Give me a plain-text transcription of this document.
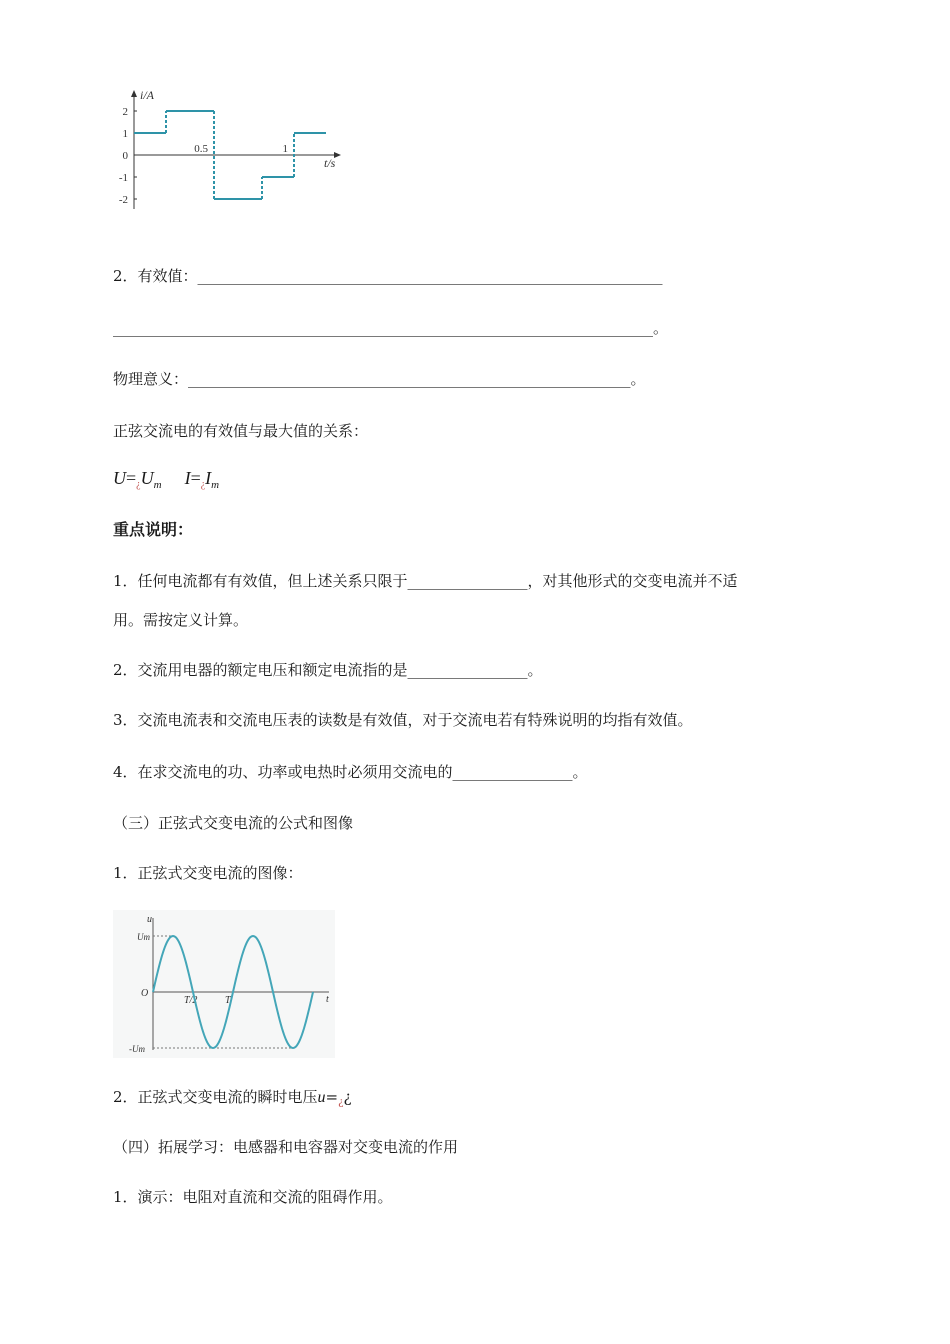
i/A
t/s
2
1
0
-1
-2
0.5	1
2．有效值：______________________________________________________________
________________________________________________________________________。
物理意义：___________________________________________________________。
正弦交流电的有效值与最大值的关系：
$U=¿U_m$ $I=¿I_m$
重点说明：
1．任何电流都有有效值，但上述关系只限于________________，对其他形式的交变电流并不适
用。需按定义计算。
2．交流用电器的额定电压和额定电流指的是________________。
3．交流电流表和交流电压表的读数是有效值，对于交流电若有特殊说明的均指有效值。
4．在求交流电的功、功率或电热时必须用交流电的________________。
（三）正弦式交变电流的公式和图像
1．正弦式交变电流的图像：
u
t
O
Um
-Um
T/2	T
2．正弦式交变电流的瞬时电压$u=_¿¿$
（四）拓展学习：电感器和电容器对交变电流的作用
1．演示：电阻对直流和交流的阻碍作用。
